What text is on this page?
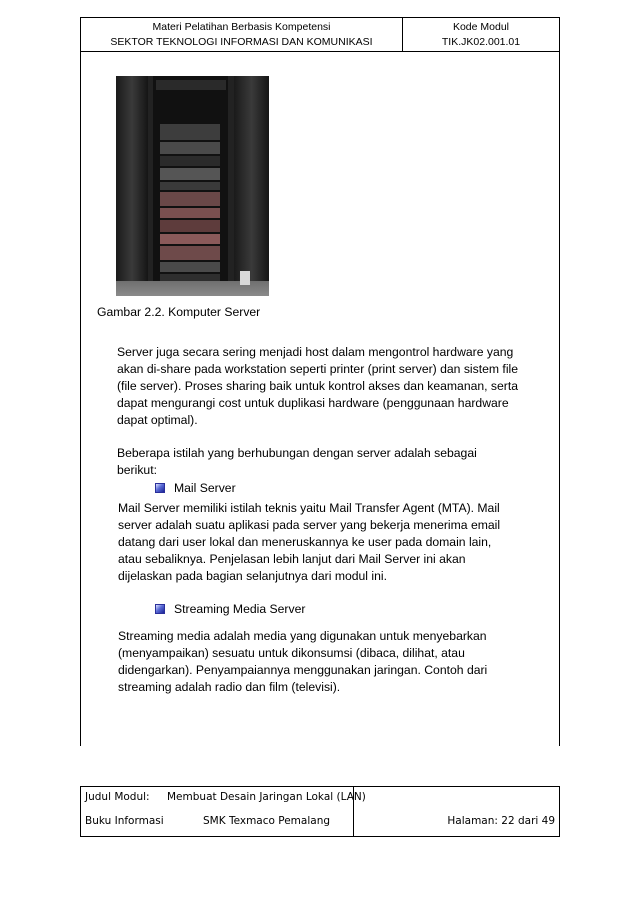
Materi Pelatihan Berbasis Kompetensi
SEKTOR TEKNOLOGI INFORMASI DAN KOMUNIKASI
Kode Modul
TIK.JK02.001.01
Gambar 2.2. Komputer Server
Server juga secara sering menjadi host dalam mengontrol hardware yang
akan di-share pada workstation seperti printer (print server) dan sistem file
(file server). Proses sharing baik untuk kontrol akses dan keamanan, serta
dapat mengurangi cost untuk duplikasi hardware (penggunaan hardware
dapat optimal).
Beberapa istilah yang berhubungan dengan server adalah sebagai
berikut:
Mail Server
Mail Server memiliki istilah teknis yaitu Mail Transfer Agent (MTA). Mail
server adalah suatu aplikasi pada server yang bekerja menerima email
datang dari user lokal dan meneruskannya ke user pada domain lain,
atau sebaliknya. Penjelasan lebih lanjut dari Mail Server ini akan
dijelaskan pada bagian selanjutnya dari modul ini.
Streaming Media Server
Streaming media adalah media yang digunakan untuk menyebarkan
(menyampaikan) sesuatu untuk dikonsumsi (dibaca, dilihat, atau
didengarkan). Penyampaiannya menggunakan jaringan. Contoh dari
streaming adalah radio dan film (televisi).
Judul Modul: Membuat Desain Jaringan Lokal (LAN)
Buku Informasi	SMK Texmaco Pemalang	Halaman: 22 dari 49
